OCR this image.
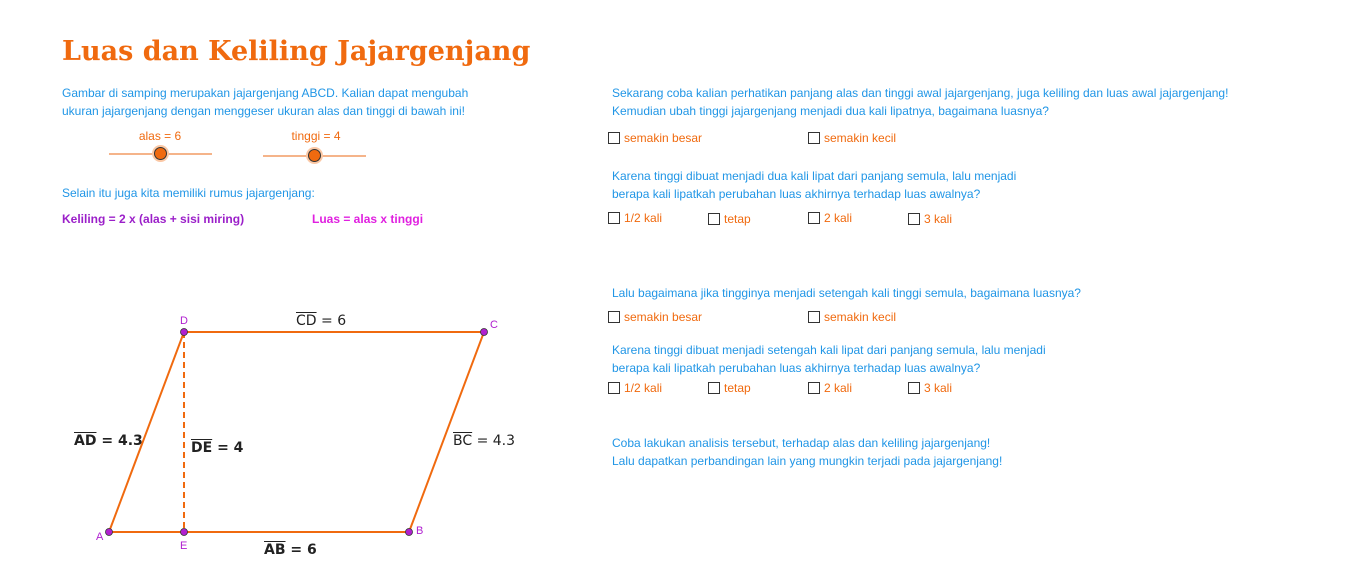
Luas dan Keliling Jajargenjang
Gambar di samping merupakan jajargenjang ABCD. Kalian dapat mengubah
ukuran jajargenjang dengan menggeser ukuran alas dan tinggi di bawah ini!
alas = 6	tinggi = 4
Selain itu juga kita memiliki rumus jajargenjang:
Keliling = 2 x (alas + sisi miring)	Luas = alas x tinggi
A	B
C
D
E
$\overline{CD} = 6$
$\overline{AB} = 6$
$\overline{AD} = 4.3$	$\overline{BC} = 4.3$
$\overline{DE} = 4$
Sekarang coba kalian perhatikan panjang alas dan tinggi awal jajargenjang, juga keliling dan luas awal jajargenjang!
Kemudian ubah tinggi jajargenjang menjadi dua kali lipatnya, bagaimana luasnya?
semakin besar	semakin kecil
Karena tinggi dibuat menjadi dua kali lipat dari panjang semula, lalu menjadi
berapa kali lipatkah perubahan luas akhirnya terhadap luas awalnya?
1/2 kali	tetap	2 kali	3 kali
Lalu bagaimana jika tingginya menjadi setengah kali tinggi semula, bagaimana luasnya?
semakin besar	semakin kecil
Karena tinggi dibuat menjadi setengah kali lipat dari panjang semula, lalu menjadi
berapa kali lipatkah perubahan luas akhirnya terhadap luas awalnya?
1/2 kali	tetap	2 kali	3 kali
Coba lakukan analisis tersebut, terhadap alas dan keliling jajargenjang!
Lalu dapatkan perbandingan lain yang mungkin terjadi pada jajargenjang!
